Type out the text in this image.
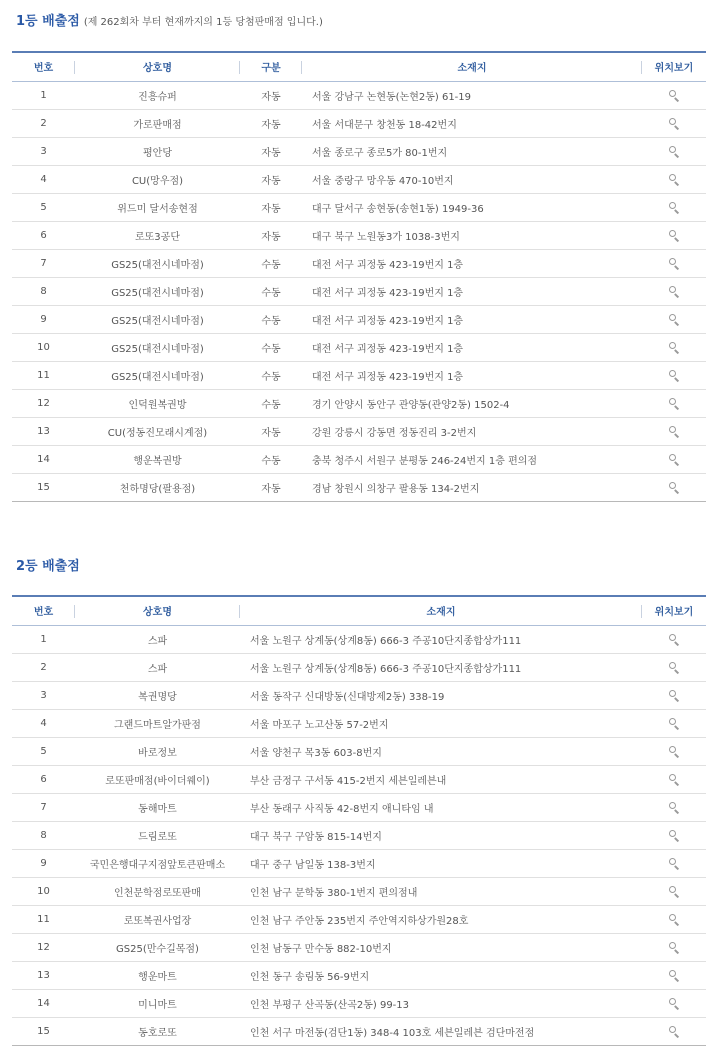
1등 배출점 (제 262회차 부터 현재까지의 1등 당첨판매점 입니다.)
번호	상호명	구분	소재지	위치보기
1	진흥슈퍼	자동	서울 강남구 논현동(논현2동) 61-19	

2	가로판매점	자동	서울 서대문구 창천동 18-42번지	

3	평안당	자동	서울 종로구 종로5가 80-1번지	

4	CU(망우점)	자동	서울 중랑구 망우동 470-10번지	

5	위드미 달서송현점	자동	대구 달서구 송현동(송현1동) 1949-36	

6	로또3공단	자동	대구 북구 노원동3가 1038-3번지	

7	GS25(대전시네마점)	수동	대전 서구 괴정동 423-19번지 1층	

8	GS25(대전시네마점)	수동	대전 서구 괴정동 423-19번지 1층	

9	GS25(대전시네마점)	수동	대전 서구 괴정동 423-19번지 1층	

10	GS25(대전시네마점)	수동	대전 서구 괴정동 423-19번지 1층	

11	GS25(대전시네마점)	수동	대전 서구 괴정동 423-19번지 1층	

12	인덕원복권방	수동	경기 안양시 동안구 관양동(관양2동) 1502-4	

13	CU(정동진모래시계점)	자동	강원 강릉시 강동면 정동진리 3-2번지	

14	행운복권방	수동	충북 청주시 서원구 분평동 246-24번지 1층 편의점	

15	천하명당(팔용점)	자동	경남 창원시 의창구 팔용동 134-2번지	
2등 배출점
번호	상호명	소재지	위치보기
1	스파	서울 노원구 상계동(상계8동) 666-3 주공10단지종합상가111	

2	스파	서울 노원구 상계동(상계8동) 666-3 주공10단지종합상가111	

3	복권명당	서울 동작구 신대방동(신대방제2동) 338-19	

4	그랜드마트알가판점	서울 마포구 노고산동 57-2번지	

5	바로정보	서울 양천구 목3동 603-8번지	

6	로또판매점(바이더웨이)	부산 금정구 구서동 415-2번지 세븐일레븐내	

7	동해마트	부산 동래구 사직동 42-8번지 애니타임 내	

8	드림로또	대구 북구 구암동 815-14번지	

9	국민은행대구지점앞토큰판매소	대구 중구 남일동 138-3번지	

10	인천문학점로또판매	인천 남구 문학동 380-1번지 편의점내	

11	로또복권사업장	인천 남구 주안동 235번지 주안역지하상가원28호	

12	GS25(만수길목점)	인천 남동구 만수동 882-10번지	

13	행운마트	인천 동구 송림동 56-9번지	

14	미니마트	인천 부평구 산곡동(산곡2동) 99-13	

15	동호로또	인천 서구 마전동(검단1동) 348-4 103호 세븐일레븐 검단마전점	
